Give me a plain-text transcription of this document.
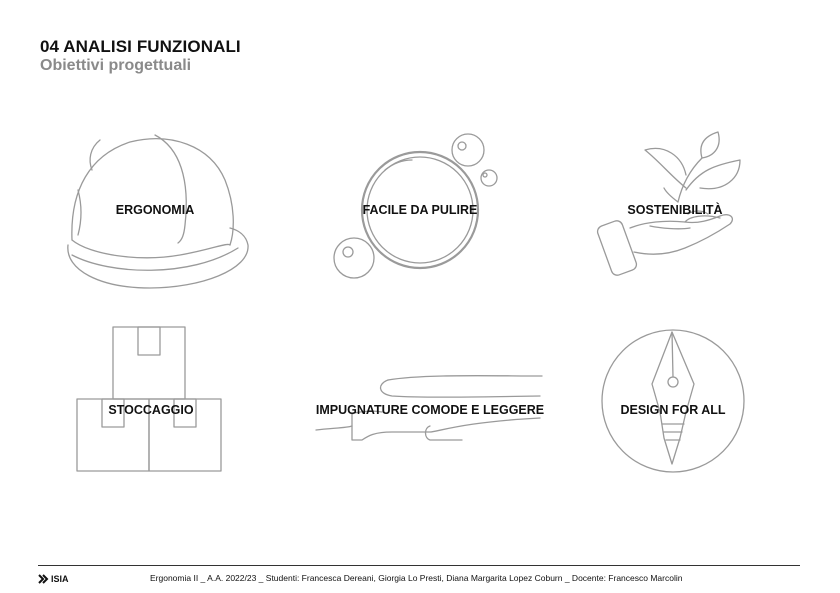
04 ANALISI FUNZIONALI
Obiettivi progettuali
ERGONOMIA	FACILE DA PULIRE	SOSTENIBILITÀ
STOCCAGGIO	IMPUGNATURE COMODE E LEGGERE	DESIGN FOR ALL
ISIA	Ergonomia II _ A.A. 2022/23 _ Studenti: Francesca Dereani, Giorgia Lo Presti, Diana Margarita Lopez Coburn _ Docente: Francesco Marcolin
